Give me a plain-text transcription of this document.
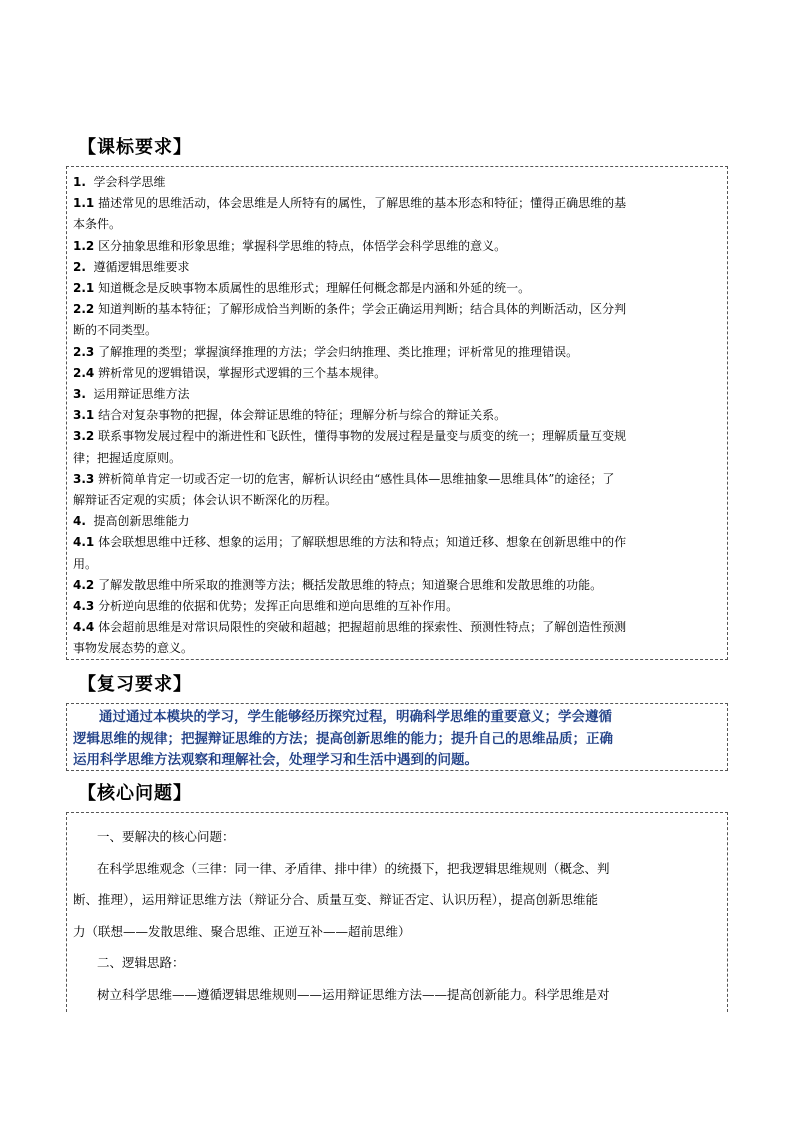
【课标要求】
1.  学会科学思维
1.1 描述常见的思维活动，体会思维是人所特有的属性，了解思维的基本形态和特征；懂得正确思维的基
本条件。
1.2 区分抽象思维和形象思维；掌握科学思维的特点，体悟学会科学思维的意义。
2.  遵循逻辑思维要求
2.1 知道概念是反映事物本质属性的思维形式；理解任何概念都是内涵和外延的统一。
2.2 知道判断的基本特征；了解形成恰当判断的条件；学会正确运用判断；结合具体的判断活动，区分判
断的不同类型。
2.3 了解推理的类型；掌握演绎推理的方法；学会归纳推理、类比推理；评析常见的推理错误。
2.4 辨析常见的逻辑错误，掌握形式逻辑的三个基本规律。
3.  运用辩证思维方法
3.1 结合对复杂事物的把握，体会辩证思维的特征；理解分析与综合的辩证关系。
3.2 联系事物发展过程中的渐进性和飞跃性，懂得事物的发展过程是量变与质变的统一；理解质量互变规
律；把握适度原则。
3.3 辨析简单肯定一切或否定一切的危害，解析认识经由“感性具体—思维抽象—思维具体”的途径；了
解辩证否定观的实质；体会认识不断深化的历程。
4.  提高创新思维能力
4.1 体会联想思维中迁移、想象的运用；了解联想思维的方法和特点；知道迁移、想象在创新思维中的作
用。
4.2 了解发散思维中所采取的推测等方法；概括发散思维的特点；知道聚合思维和发散思维的功能。
4.3 分析逆向思维的依据和优势；发挥正向思维和逆向思维的互补作用。
4.4 体会超前思维是对常识局限性的突破和超越；把握超前思维的探索性、预测性特点；了解创造性预测
事物发展态势的意义。
【复习要求】
通过通过本模块的学习，学生能够经历探究过程，明确科学思维的重要意义；学会遵循
逻辑思维的规律；把握辩证思维的方法；提高创新思维的能力；提升自己的思维品质；正确
运用科学思维方法观察和理解社会，处理学习和生活中遇到的问题。
【核心问题】
一、要解决的核心问题：
在科学思维观念（三律：同一律、矛盾律、排中律）的统摄下，把我逻辑思维规则（概念、判
断、推理），运用辩证思维方法（辩证分合、质量互变、辩证否定、认识历程），提高创新思维能
力（联想——发散思维、聚合思维、正逆互补——超前思维）
二、逻辑思路：
树立科学思维——遵循逻辑思维规则——运用辩证思维方法——提高创新能力。科学思维是对
